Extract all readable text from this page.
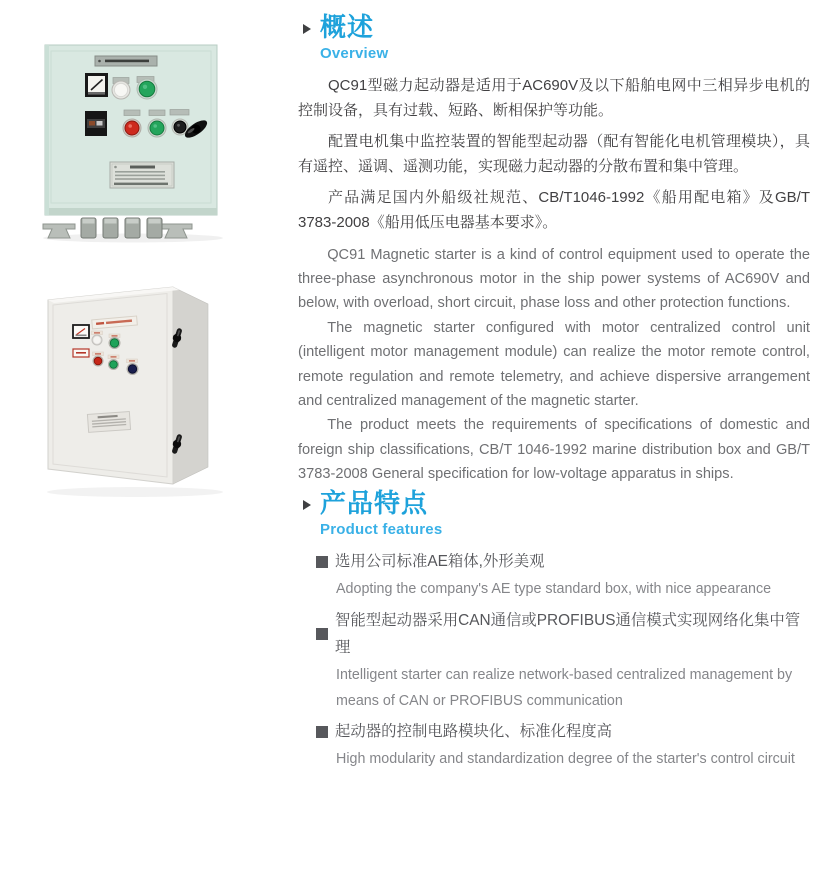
概述
Overview

QC91型磁力起动器是适用于AC690V及以下船舶电网中三相异步电机的控制设备，具有过载、短路、断相保护等功能。

配置电机集中监控装置的智能型起动器（配有智能化电机管理模块），具有遥控、遥调、遥测功能，实现磁力起动器的分散布置和集中管理。

产品满足国内外船级社规范、CB/T1046-1992《船用配电箱》及GB/T 3783-2008《船用低压电器基本要求》。

QC91 Magnetic starter is a kind of control equipment used to operate the three-phase asynchronous motor in the ship power systems of AC690V and below, with overload, short circuit, phase loss and other protection functions.

The magnetic starter configured with motor centralized control unit (intelligent motor management module) can realize the motor remote control, remote regulation and remote telemetry, and achieve dispersive arrangement and centralized management of the magnetic starter.

The product meets the requirements of specifications of domestic and foreign ship classifications, CB/T 1046-1992 marine distribution box and GB/T 3783-2008 General specification for low-voltage apparatus in ships.

产品特点
Product features
选用公司标准AE箱体,外形美观
Adopting the company's AE type standard box, with nice appearance
智能型起动器采用CAN通信或PROFIBUS通信模式实现网络化集中管理
Intelligent starter can realize network-based centralized management by means of CAN or PROFIBUS communication
起动器的控制电路模块化、标准化程度高
High modularity and standardization degree of the starter's control circuit
